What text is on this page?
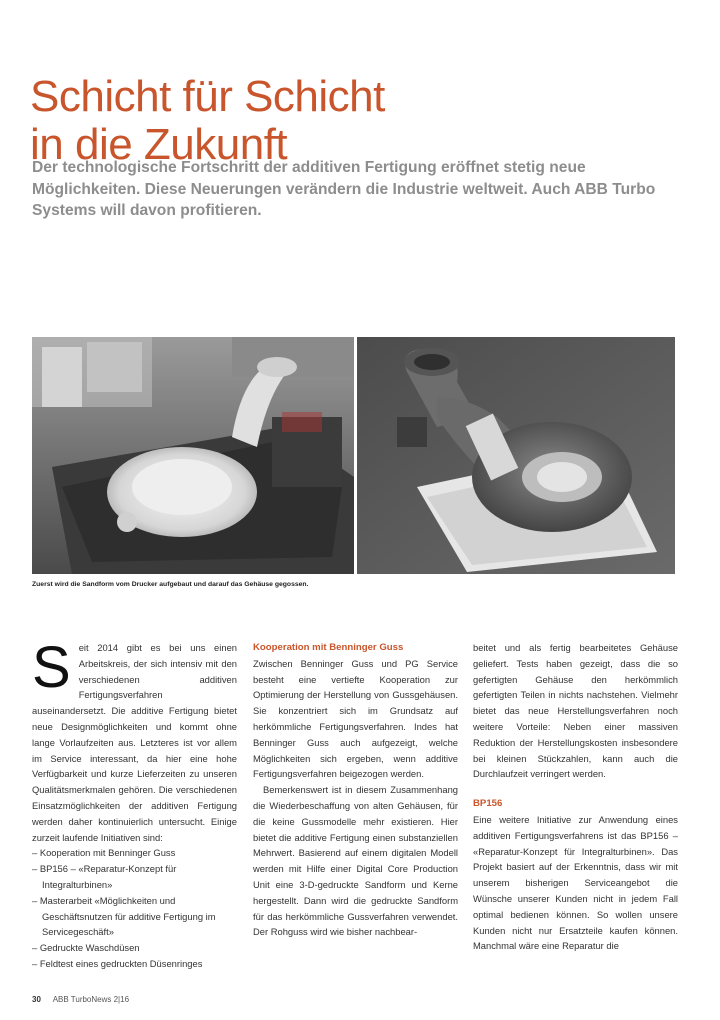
Schicht für Schicht
in die Zukunft
Der technologische Fortschritt der additiven Fertigung eröffnet stetig neue Möglichkeiten. Diese Neuerungen verändern die Industrie weltweit. Auch ABB Turbo Systems will davon profitieren.
Zuerst wird die Sandform vom Drucker aufgebaut und darauf das Gehäuse gegossen.

Seit 2014 gibt es bei uns einen Arbeitskreis, der sich intensiv mit den verschiedenen additiven Fertigungsverfahren auseinandersetzt. Die additive Fertigung bietet neue Designmöglichkeiten und kommt ohne lange Vorlaufzeiten aus. Letzteres ist vor allem im Service interessant, da hier eine hohe Verfügbarkeit und kurze Lieferzeiten zu unseren Qualitätsmerkmalen gehören. Die verschiedenen Einsatzmöglichkeiten der additiven Fertigung werden daher kontinuierlich untersucht. Einige zurzeit laufende Initiativen sind:

– Kooperation mit Benninger Guss
– BP156 – «Reparatur-Konzept für Integralturbinen»
– Masterarbeit «Möglichkeiten und Geschäftsnutzen für additive Fertigung im Servicegeschäft»
– Gedruckte Waschdüsen
– Feldtest eines gedruckten Düsenringes

Kooperation mit Benninger Guss

Zwischen Benninger Guss und PG Service besteht eine vertiefte Kooperation zur Optimierung der Herstellung von Gussgehäusen. Sie konzentriert sich im Grundsatz auf herkömmliche Fertigungsverfahren. Indes hat Benninger Guss auch aufgezeigt, welche Möglichkeiten sich ergeben, wenn additive Fertigungsverfahren beigezogen werden.

Bemerkenswert ist in diesem Zusammenhang die Wiederbeschaffung von alten Gehäusen, für die keine Gussmodelle mehr existieren. Hier bietet die additive Fertigung einen substanziellen Mehrwert. Basierend auf einem digitalen Modell werden mit Hilfe einer Digital Core Production Unit eine 3-D-gedruckte Sandform und Kerne hergestellt. Dann wird die gedruckte Sandform für das herkömmliche Gussverfahren verwendet. Der Rohguss wird wie bisher nachbear-

beitet und als fertig bearbeitetes Gehäuse geliefert. Tests haben gezeigt, dass die so gefertigten Gehäuse den herkömmlich gefertigten Teilen in nichts nachstehen. Vielmehr bietet das neue Herstellungsverfahren noch weitere Vorteile: Neben einer massiven Reduktion der Herstellungskosten insbesondere bei kleinen Stückzahlen, kann auch die Durchlaufzeit verringert werden.

BP156

Eine weitere Initiative zur Anwendung eines additiven Fertigungsverfahrens ist das BP156 – «Reparatur-Konzept für Integralturbinen». Das Projekt basiert auf der Erkenntnis, dass wir mit unserem bisherigen Serviceangebot die Wünsche unserer Kunden nicht in jedem Fall optimal bedienen können. So wollen unsere Kunden nicht nur Ersatzteile kaufen können. Manchmal wäre eine Reparatur die

30 ABB TurboNews 2|16
